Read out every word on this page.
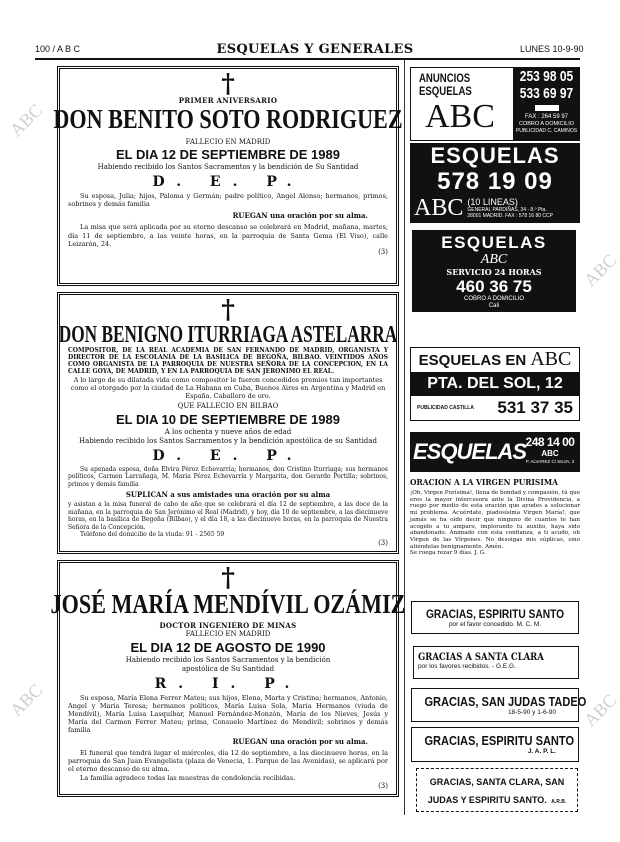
100 / A B C	ESQUELAS Y GENERALES	LUNES 10-9-90
ABC
ABC
ABC
ABC
†
PRIMER ANIVERSARIO
DON BENITO SOTO RODRIGUEZ
FALLECIO EN MADRID
EL DIA 12 DE SEPTIEMBRE DE 1989
Habiendo recibido los Santos Sacramentos y la bendición de Su Santidad
D. E. P.
Su esposa, Julia; hijos, Paloma y Germán; padre político, Angel Alonso; hermanos, primos, sobrinos y demás familia
RUEGAN una oración por su alma.
La misa que será aplicada por su eterno descanso se celebrará en Madrid, mañana, martes, día 11 de septiembre, a las veinte horas, en la parroquia de Santa Gema (El Viso), calle Leizarán, 24.
(3)
†
DON BENIGNO ITURRIAGA ASTELARRA
COMPOSITOR, DE LA REAL ACADEMIA DE SAN FERNANDO DE MADRID, ORGANISTA Y DIRECTOR DE LA ESCOLANIA DE LA BASILICA DE BEGOÑA, BILBAO. VEINTIDOS AÑOS COMO ORGANISTA DE LA PARROQUIA DE NUESTRA SEÑORA DE LA CONCEPCION, EN LA CALLE GOYA, DE MADRID, Y EN LA PARROQUIA DE SAN JERONIMO EL REAL.
A lo largo de su dilatada vida como compositor le fueron concedidos premios tan importantes como el otorgado por la ciudad de La Habana en Cuba, Buenos Aires en Argentina y Madrid en España. Caballero de oro.
QUE FALLECIO EN BILBAO
EL DIA 10 DE SEPTIEMBRE DE 1989
A los ochenta y nueve años de edad
Habiendo recibido los Santos Sacramentos y la bendición apostólica de su Santidad
D. E. P.
Su apenada esposa, doña Elvira Pérez Echevarría; hermanos, don Cristino Iturriaga; sus hermanos políticos, Carmen Larrañaga, M. Maria Pérez Echevarría y Margarita, don Gerardo Portilla; sobrinos, primos y demás familia
SUPLICAN a sus amistades una oración por su alma
y asistan a la misa funeral de cabo de año que se celebrará el día 12 de septiembre, a las doce de la mañana, en la parroquia de San Jerónimo el Real (Madrid), y hoy, día 10 de septiembre, a las diecinueve horas, en la basílica de Begoña (Bilbao), y el día 18, a las diecinueve horas, en la parroquia de Nuestra Señora de la Concepción.
Teléfono del domicilio de la viuda: 91 - 2565 59
(3)
†
JOSÉ MARÍA MENDÍVIL OZÁMIZ
DOCTOR INGENIERO DE MINAS
FALLECIO EN MADRID
EL DIA 12 DE AGOSTO DE 1990
Habiendo recibido los Santos Sacramentos y la bendición apostólica de Su Santidad
R. I. P.
Su esposa, María Elena Ferrer Mateu; sus hijos, Elena, Marta y Cristina; hermanos, Antonio, Angel y María Teresa; hermanos políticos, María Luisa Sola, María Hermanos (viuda de Mendívil), María Luisa Lasquíbar, Manuel Fernández-Monzón, María de los Nieves, Jesús y María del Carmen Ferrer Mateu; prima, Consuelo Martínez de Mendívil; sobrinos y demás familia
RUEGAN una oración por su alma.
El funeral que tendrá lugar el miércoles, día 12 de septiembre, a las diecinueve horas, en la parroquia de San Juan Evangelista (plaza de Venecia, 1. Parque de las Avenidas), se aplicará por el eterno descanso de su alma.
La familia agradece todas las muestras de condolencia recibidas.
(3)
ANUNCIOS
ESQUELAS
ABC
253 98 05
533 69 97
FAX : 264 59 97
COBRO A DOMICILIO
PUBLICIDAD C. CAMINOS
ESQUELAS
578 19 09
ABC (10 LINEAS)
GENERAL PARDIÑAS, 34 - 8.º Pta.
28001 MADRID. FAX : 578 16 80 CCP
ESQUELAS
ABC
SERVICIO 24 HORAS
460 36 75
COBRO A DOMICILIO
Cali
ESQUELAS EN ABC
PTA. DEL SOL, 12
PUBLICIDAD CASTILLA 531 37 35
ESQUELAS 248 14 00
ABC
P. ALVAREZ C/ SILVA, 2
ORACION A LA VIRGEN PURISIMA
¡Oh, Virgen Purísima!, llena de bondad y compasión, tú que eres la mayor intercesora ante la Divina Providencia, a ruego por medio de esta oración que ayudes a solucionar mi problema. Acuérdate, piadosísima Virgen María!, que jamás se ha oído decir que ninguno de cuantos te han acogido a tu amparo, implorando tu auxilio, haya sido abandonado. Animado con esta confianza, a ti acudo, oh Virgen de las Vírgenes. No desoigas mis súplicas, sino atiéndelas benignamente. Amén.
Se ruega rezar 9 días. J. G.
GRACIAS, ESPIRITU SANTO
por el favor concedido. M. C. M.
GRACIAS A SANTA CLARA
por los favores recibidos. - G.E.G.
GRACIAS, SAN JUDAS TADEO
18-5-90 y 1-6-90
GRACIAS, ESPIRITU SANTO
J. A. P. L.
GRACIAS, SANTA CLARA, SAN JUDAS Y ESPIRITU SANTO. A.R.B.
